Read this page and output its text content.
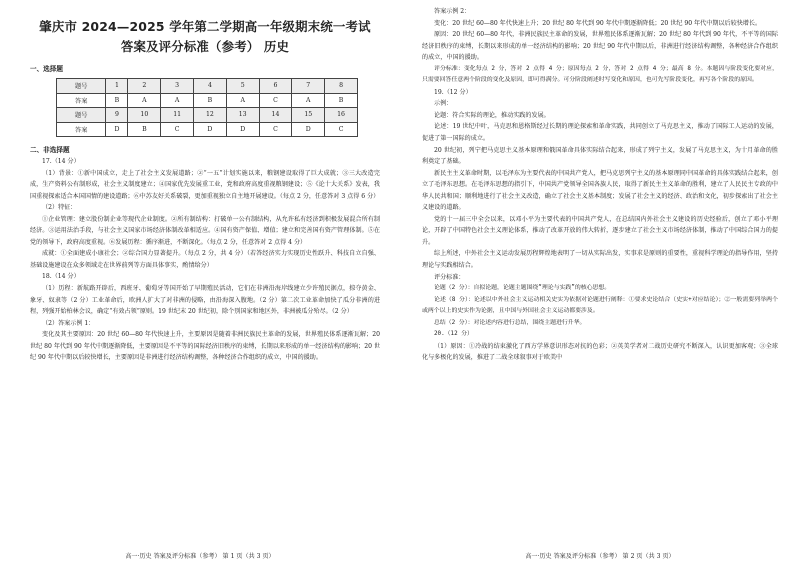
肇庆市 2024—2025 学年第二学期高一年级期末统一考试

答案及评分标准（参考） 历史

一、选择题

题号	1	2	3	4	5	6	7	8
答案	B	A	A	B	A	C	A	B
题号	9	10	11	12	13	14	15	16
答案	D	B	C	D	D	C	D	C

二、非选择题

17.（14 分）

（1）背景：①新中国成立，走上了社会主义发展道路；②“一五”计划实施以来，粮钢建设取得了巨大成就；③三大改造完成，生产资料公有制形成，社会主义制度建立；④国家优先发展重工业，党和政府高度重视粮钢建设；⑤《论十大关系》发表，我国重视探索适合本国国情的建设道路；⑥中苏友好关系破裂，更加重视独立自主地开展建设。（每点 2 分，任意答对 3 点得 6 分）

（2）特征：

①企业管理：建立股份制企业等现代企业制度。②所有制结构：打破单一公有制结构，从允许私有经济到积极发展混合所有制经济。③运用法治手段，与社会主义国家市场经济体制改革相适应。④国有资产保值、增值；建立和完善国有资产管理体制。⑤在党的领导下，政府高度重视。⑥发展历程：循序渐进，不断深化。（每点 2 分，任意答对 2 点得 4 分）

成就：①全面建成小康社会；②综合国力显著提升。（每点 2 分，共 4 分）（若答经济实力实现历史性跃升、科技自立自强、基础设施建设在众多领域走在世界前列等方面具体事实，酌情给分）

18.（14 分）

（1）历程：新航路开辟后，西班牙、葡萄牙等国开始了早期殖民活动，它们在非洲沿海岸线建立少许殖民据点，掠夺黄金、象牙、奴隶等（2 分）工业革命后，欧洲人扩大了对非洲的侵略，由沿海深入腹地。（2 分）第二次工业革命加快了瓜分非洲的进程，列强开始柏林会议，确定“有效占领”原则。19 世纪末 20 世纪初，除个别国家和地区外，非洲被瓜分殆尽。（2 分）

（2）答案示例 1：

变化及其主要原因：20 世纪 60—80 年代快速上升，主要原因是随着非洲民族民主革命的发展，世界殖民体系逐渐瓦解；20 世纪 80 年代到 90 年代中期逐渐降低，主要原因是不平等的国际经济旧秩序的束缚，长期以来形成的单一经济结构的影响；20 世纪 90 年代中期以后较快增长，主要原因是非洲进行经济结构调整，各种经济合作组织的成立，中国的援助。

高一·历史 答案及评分标准（参考） 第 1 页（共 3 页）

答案示例 2：

变化：20 世纪 60—80 年代快速上升；20 世纪 80 年代到 90 年代中期逐渐降低；20 世纪 90 年代中期以后较快增长。

原因：20 世纪 60—80 年代，非洲民族民主革命的发展，世界殖民体系逐渐瓦解；20 世纪 80 年代到 90 年代，不平等的国际经济旧秩序的束缚，长期以来形成的单一经济结构的影响；20 世纪 90 年代中期以后，非洲进行经济结构调整，各种经济合作组织的成立，中国的援助。

评分标准：变化每点 2 分，答对 2 点得 4 分；原因每点 2 分，答对 2 点得 4 分；最高 8 分。本题因与阶段变化要对应，只需要回答任意两个阶段的变化及原因，即可得满分。可分阶段阐述时写变化和原因，也可先写阶段变化，再写各个阶段的原因。

19.（12 分）

示例：

论题：符合实际的理论，推动实践的发展。

论述：19 世纪中叶，马克思和恩格斯经过长期的理论探索和革命实践，共同创立了马克思主义，推动了国际工人运动的发展，促进了第一国际的成立。

20 世纪初，列宁把马克思主义基本原理和俄国革命具体实际结合起来，形成了列宁主义，发展了马克思主义，为十月革命的胜利奠定了基础。

新民主主义革命时期，以毛泽东为主要代表的中国共产党人，把马克思列宁主义的基本原理同中国革命的具体实践结合起来，创立了毛泽东思想。在毛泽东思想的指引下，中国共产党领导全国各族人民，取得了新民主主义革命的胜利，建立了人民民主专政的中华人民共和国；顺利地进行了社会主义改造，确立了社会主义基本制度；发展了社会主义的经济、政治和文化，初步探索出了社会主义建设的道路。

党的十一届三中全会以来，以邓小平为主要代表的中国共产党人，在总结国内外社会主义建设的历史经验后，创立了邓小平理论，开辟了中国特色社会主义理论体系，推动了改革开放的伟大转折，逐步建立了社会主义市场经济体制，推动了中国综合国力的提升。

综上所述，中外社会主义运动发展历程辉煌地表明了一切从实际出发，实事求是原则的重要性，重视科学理论的指导作用，坚持理论与实践相结合。

评分标准：

论题（2 分）：自拟论题，论题主题围绕“理论与实践”的核心思想。

论述（8 分）：论述以中外社会主义运动相关史实为依据对论题进行阐释：①要求史论结合（史实+对应结论）；②一般需要列举两个或两个以上的史实作为论据，且中国与外国社会主义运动都要涉及。

总结（2 分）：对论述内容进行总结，围绕主题进行升华。

20.（12 分）

（1）原因：①冷战的结束激化了西方学界意识形态对抗的色彩；②英美学者对二战历史研究不断深入，认识更加客观；③全球化与多极化的发展，推进了二战全球叙事对于欧美中

高一·历史 答案及评分标准（参考） 第 2 页（共 3 页）
